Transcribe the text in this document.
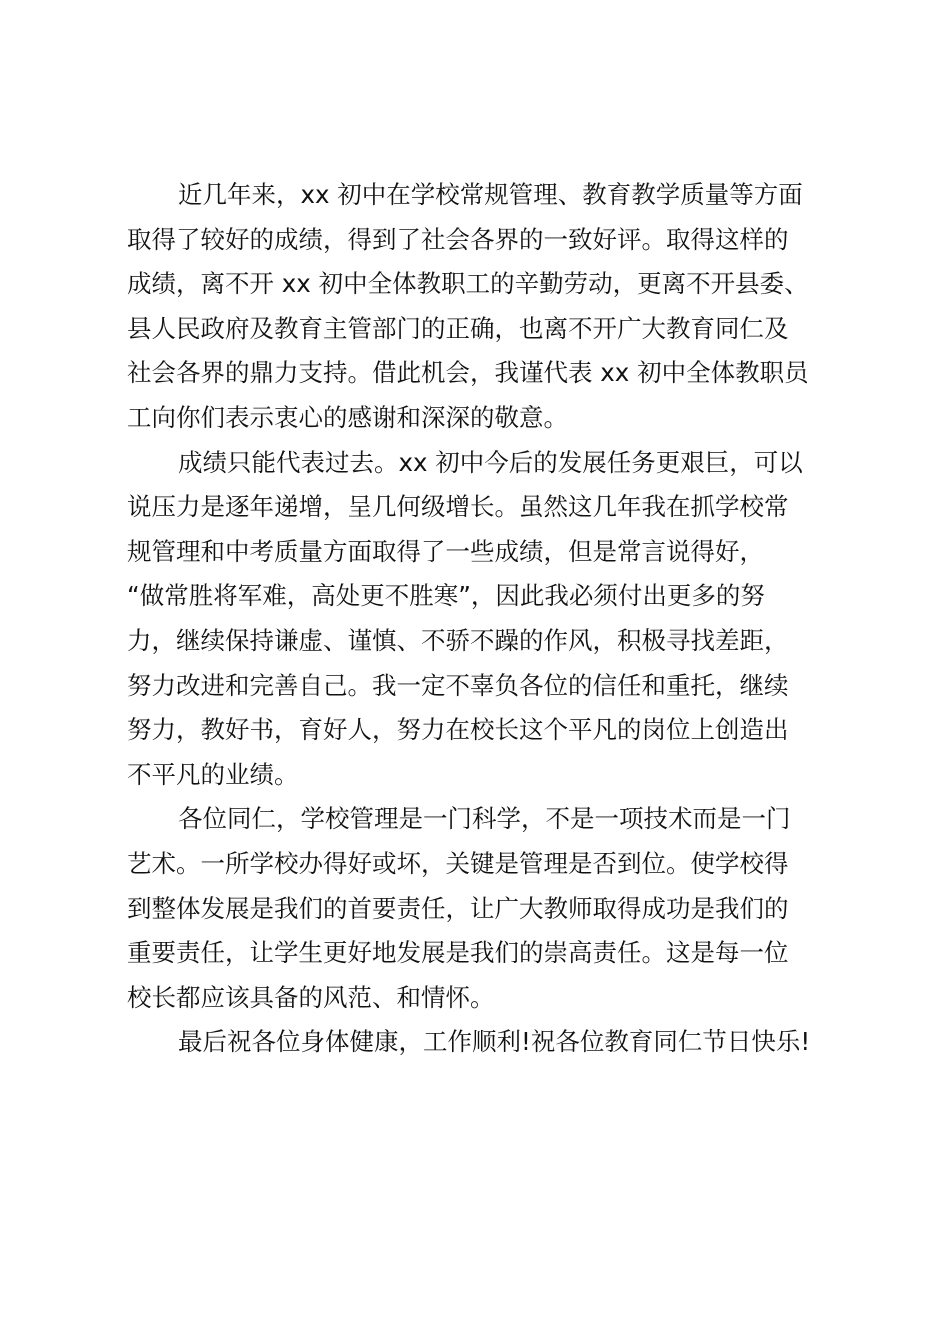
近几年来，xx 初中在学校常规管理、教育教学质量等方面

取得了较好的成绩，得到了社会各界的一致好评。取得这样的

成绩，离不开 xx 初中全体教职工的辛勤劳动，更离不开县委、

县人民政府及教育主管部门的正确，也离不开广大教育同仁及

社会各界的鼎力支持。借此机会，我谨代表 xx 初中全体教职员

工向你们表示衷心的感谢和深深的敬意。

成绩只能代表过去。xx 初中今后的发展任务更艰巨，可以

说压力是逐年递增，呈几何级增长。虽然这几年我在抓学校常

规管理和中考质量方面取得了一些成绩，但是常言说得好，

“做常胜将军难，高处更不胜寒”，因此我必须付出更多的努

力，继续保持谦虚、谨慎、不骄不躁的作风，积极寻找差距，

努力改进和完善自己。我一定不辜负各位的信任和重托，继续

努力，教好书，育好人，努力在校长这个平凡的岗位上创造出

不平凡的业绩。

各位同仁，学校管理是一门科学，不是一项技术而是一门

艺术。一所学校办得好或坏，关键是管理是否到位。使学校得

到整体发展是我们的首要责任，让广大教师取得成功是我们的

重要责任，让学生更好地发展是我们的崇高责任。这是每一位

校长都应该具备的风范、和情怀。

最后祝各位身体健康，工作顺利!祝各位教育同仁节日快乐!
